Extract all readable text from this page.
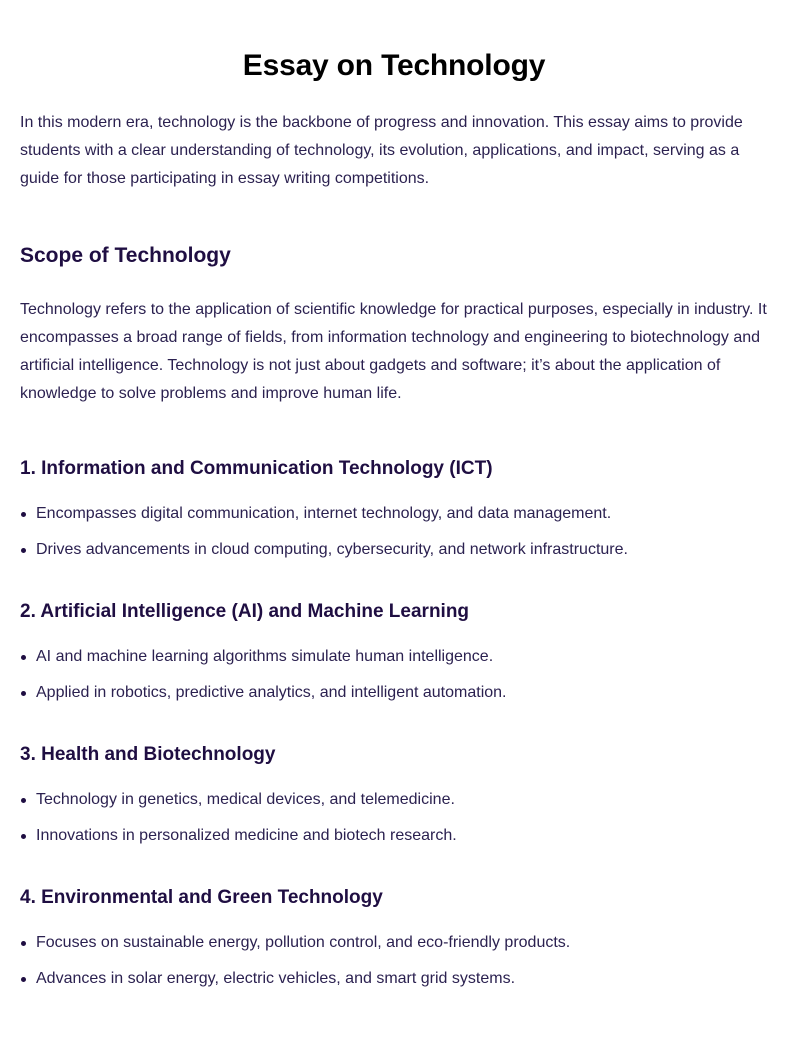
Essay on Technology

In this modern era, technology is the backbone of progress and innovation. This essay aims to provide students with a clear understanding of technology, its evolution, applications, and impact, serving as a guide for those participating in essay writing competitions.

Scope of Technology

Technology refers to the application of scientific knowledge for practical purposes, especially in industry. It encompasses a broad range of fields, from information technology and engineering to biotechnology and artificial intelligence. Technology is not just about gadgets and software; it’s about the application of knowledge to solve problems and improve human life.

1. Information and Communication Technology (ICT)
Encompasses digital communication, internet technology, and data management.
Drives advancements in cloud computing, cybersecurity, and network infrastructure.
2. Artificial Intelligence (AI) and Machine Learning
AI and machine learning algorithms simulate human intelligence.
Applied in robotics, predictive analytics, and intelligent automation.
3. Health and Biotechnology
Technology in genetics, medical devices, and telemedicine.
Innovations in personalized medicine and biotech research.
4. Environmental and Green Technology
Focuses on sustainable energy, pollution control, and eco-friendly products.
Advances in solar energy, electric vehicles, and smart grid systems.
